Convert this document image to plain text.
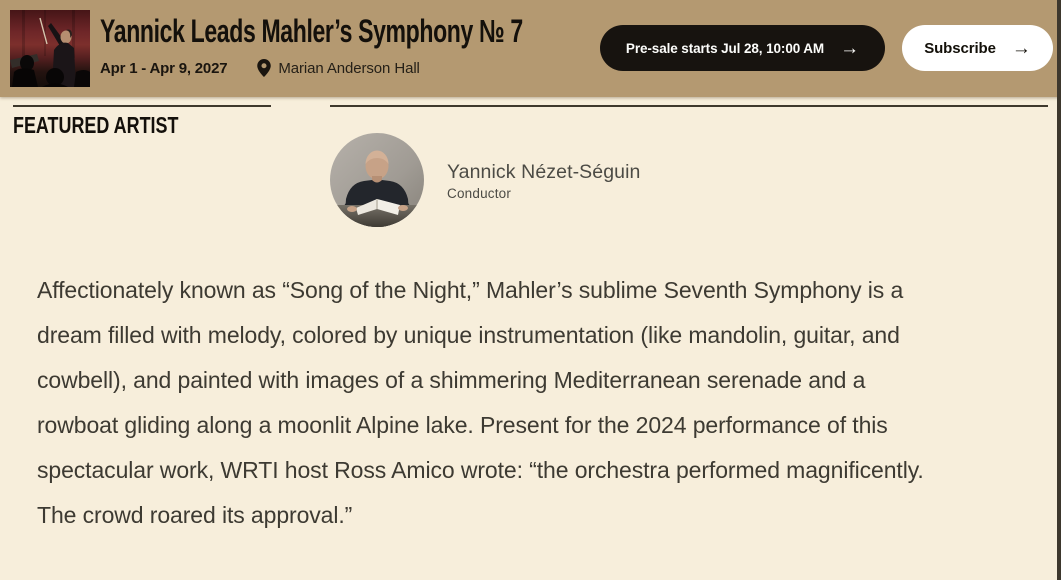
Yannick Leads Mahler’s Symphony № 7
Apr 1 - Apr 9, 2027	Marian Anderson Hall
Pre-sale starts Jul 28, 10:00 AM →	Subscribe →
FEATURED ARTIST
Yannick Nézet-Séguin
Conductor
Affectionately known as “Song of the Night,” Mahler’s sublime Seventh Symphony is a
dream filled with melody, colored by unique instrumentation (like mandolin, guitar, and
cowbell), and painted with images of a shimmering Mediterranean serenade and a
rowboat gliding along a moonlit Alpine lake. Present for the 2024 performance of this
spectacular work, WRTI host Ross Amico wrote: “the orchestra performed magnificently.
The crowd roared its approval.”
